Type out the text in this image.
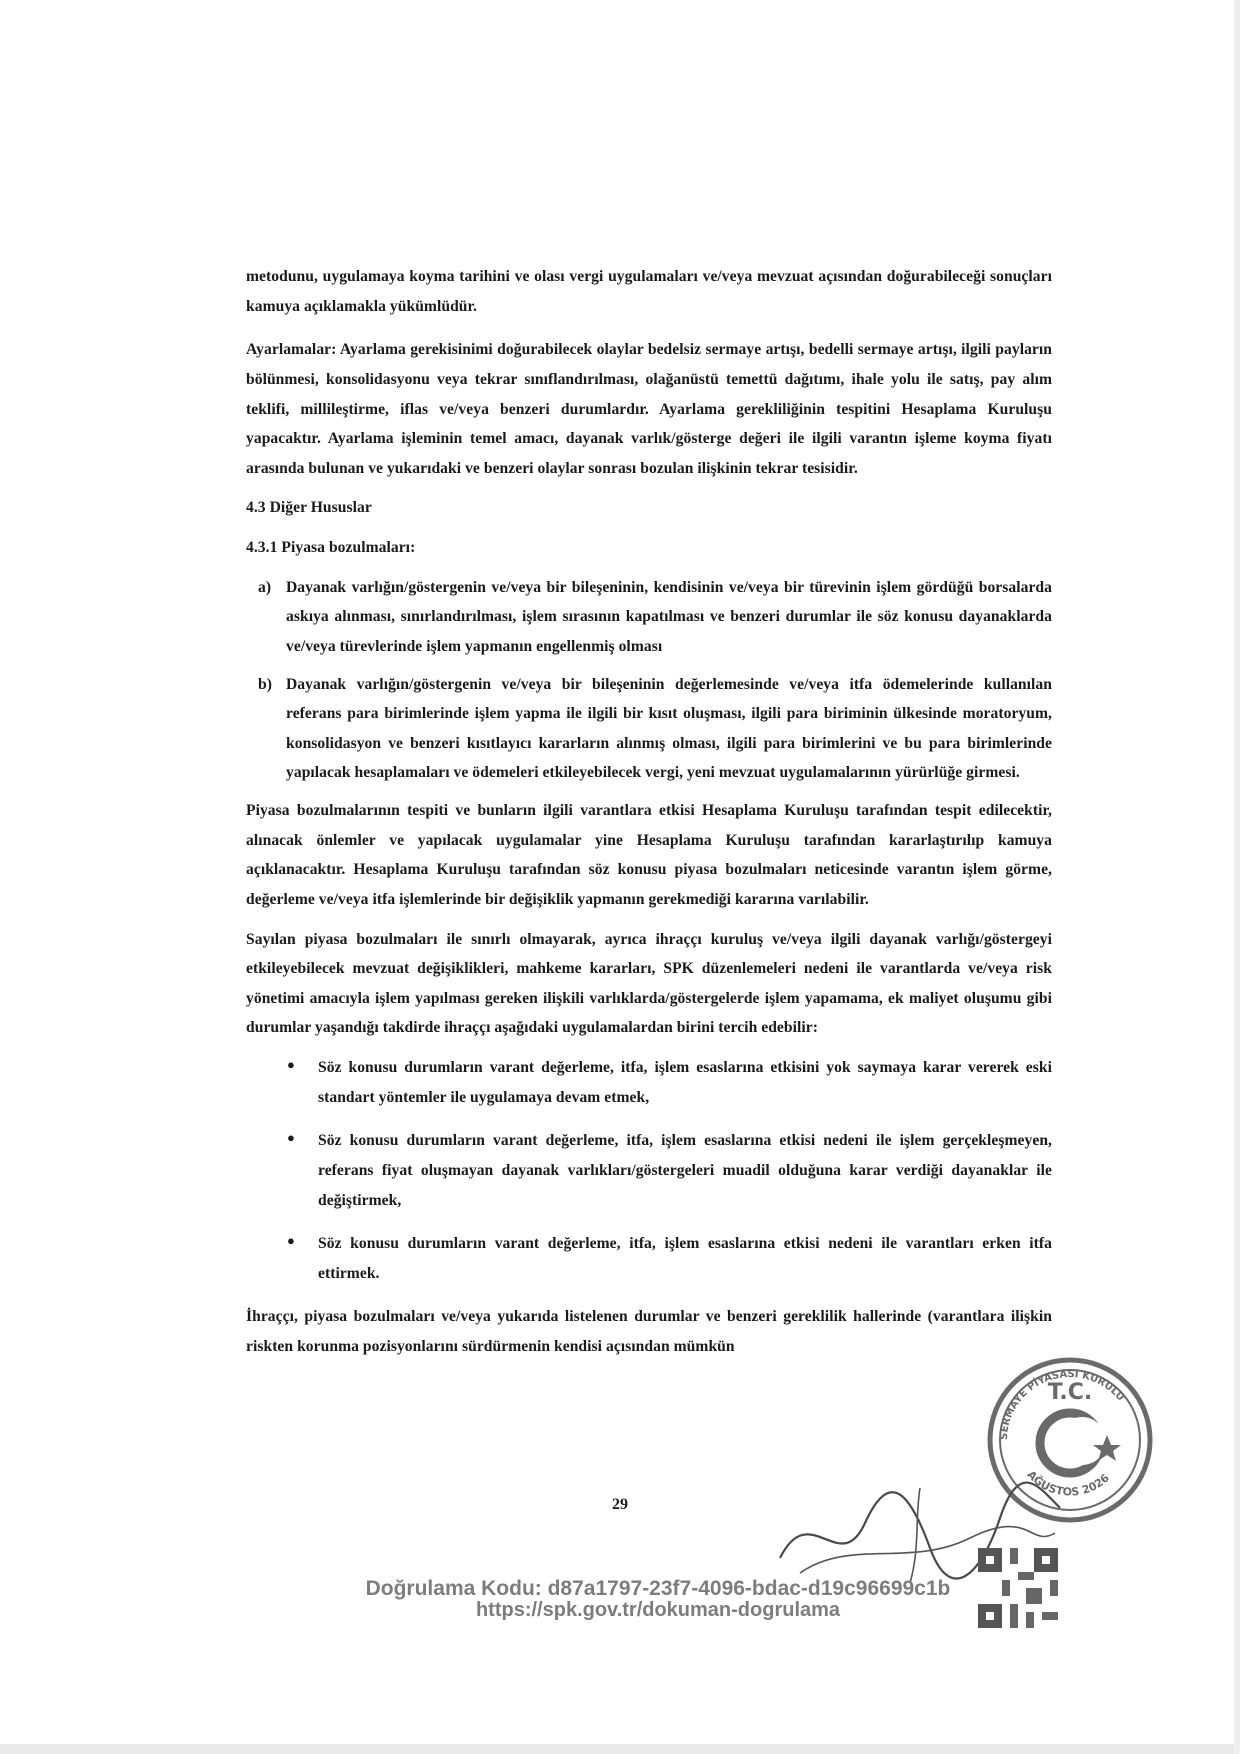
metodunu, uygulamaya koyma tarihini ve olası vergi uygulamaları ve/veya mevzuat açısından doğurabileceği sonuçları kamuya açıklamakla yükümlüdür.

Ayarlamalar: Ayarlama gerekisinimi doğurabilecek olaylar bedelsiz sermaye artışı, bedelli sermaye artışı, ilgili payların bölünmesi, konsolidasyonu veya tekrar sınıflandırılması, olağanüstü temettü dağıtımı, ihale yolu ile satış, pay alım teklifi, millileştirme, iflas ve/veya benzeri durumlardır. Ayarlama gerekliliğinin tespitini Hesaplama Kuruluşu yapacaktır. Ayarlama işleminin temel amacı, dayanak varlık/gösterge değeri ile ilgili varantın işleme koyma fiyatı arasında bulunan ve yukarıdaki ve benzeri olaylar sonrası bozulan ilişkinin tekrar tesisidir.

4.3 Diğer Hususlar

4.3.1 Piyasa bozulmaları:

a) Dayanak varlığın/göstergenin ve/veya bir bileşeninin, kendisinin ve/veya bir türevinin işlem gördüğü borsalarda askıya alınması, sınırlandırılması, işlem sırasının kapatılması ve benzeri durumlar ile söz konusu dayanaklarda ve/veya türevlerinde işlem yapmanın engellenmiş olması
b) Dayanak varlığın/göstergenin ve/veya bir bileşeninin değerlemesinde ve/veya itfa ödemelerinde kullanılan referans para birimlerinde işlem yapma ile ilgili bir kısıt oluşması, ilgili para biriminin ülkesinde moratoryum, konsolidasyon ve benzeri kısıtlayıcı kararların alınmış olması, ilgili para birimlerini ve bu para birimlerinde yapılacak hesaplamaları ve ödemeleri etkileyebilecek vergi, yeni mevzuat uygulamalarının yürürlüğe girmesi.

Piyasa bozulmalarının tespiti ve bunların ilgili varantlara etkisi Hesaplama Kuruluşu tarafından tespit edilecektir, alınacak önlemler ve yapılacak uygulamalar yine Hesaplama Kuruluşu tarafından kararlaştırılıp kamuya açıklanacaktır. Hesaplama Kuruluşu tarafından söz konusu piyasa bozulmaları neticesinde varantın işlem görme, değerleme ve/veya itfa işlemlerinde bir değişiklik yapmanın gerekmediği kararına varılabilir.

Sayılan piyasa bozulmaları ile sınırlı olmayarak, ayrıca ihraççı kuruluş ve/veya ilgili dayanak varlığı/göstergeyi etkileyebilecek mevzuat değişiklikleri, mahkeme kararları, SPK düzenlemeleri nedeni ile varantlarda ve/veya risk yönetimi amacıyla işlem yapılması gereken ilişkili varlıklarda/göstergelerde işlem yapamama, ek maliyet oluşumu gibi durumlar yaşandığı takdirde ihraççı aşağıdaki uygulamalardan birini tercih edebilir:

● Söz konusu durumların varant değerleme, itfa, işlem esaslarına etkisini yok saymaya karar vererek eski standart yöntemler ile uygulamaya devam etmek,
● Söz konusu durumların varant değerleme, itfa, işlem esaslarına etkisi nedeni ile işlem gerçekleşmeyen, referans fiyat oluşmayan dayanak varlıkları/göstergeleri muadil olduğuna karar verdiği dayanaklar ile değiştirmek,
● Söz konusu durumların varant değerleme, itfa, işlem esaslarına etkisi nedeni ile varantları erken itfa ettirmek.

İhraççı, piyasa bozulmaları ve/veya yukarıda listelenen durumlar ve benzeri gereklilik hallerinde (varantlara ilişkin riskten korunma pozisyonlarını sürdürmenin kendisi açısından mümkün

29
SERMAYE PİYASASI KURULU
T.C.
AĞUSTOS 2026
Doğrulama Kodu: d87a1797-23f7-4096-bdac-d19c96699c1b
https://spk.gov.tr/dokuman-dogrulama
